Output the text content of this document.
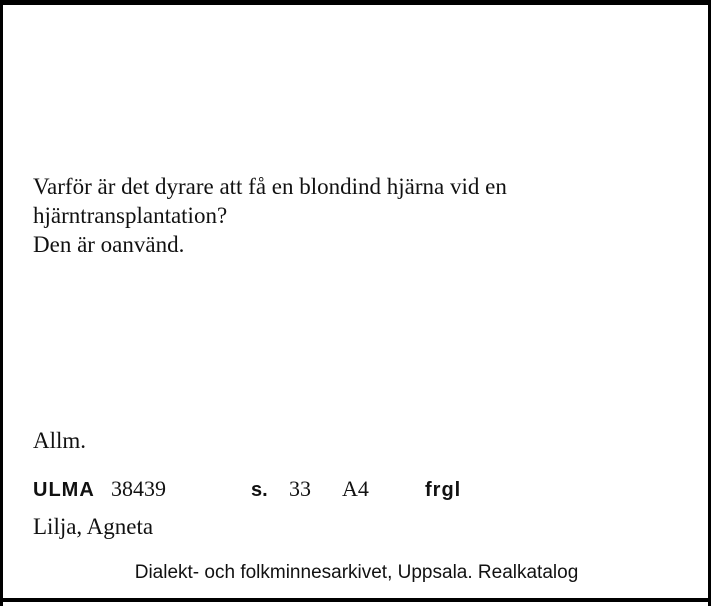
Varför är det dyrare att få en blondind hjärna vid en
hjärntransplantation?
Den är oanvänd.
Allm.
ULMA 38439	s. 33 A4	frgl
Lilja, Agneta
Dialekt- och folkminnesarkivet, Uppsala. Realkatalog
